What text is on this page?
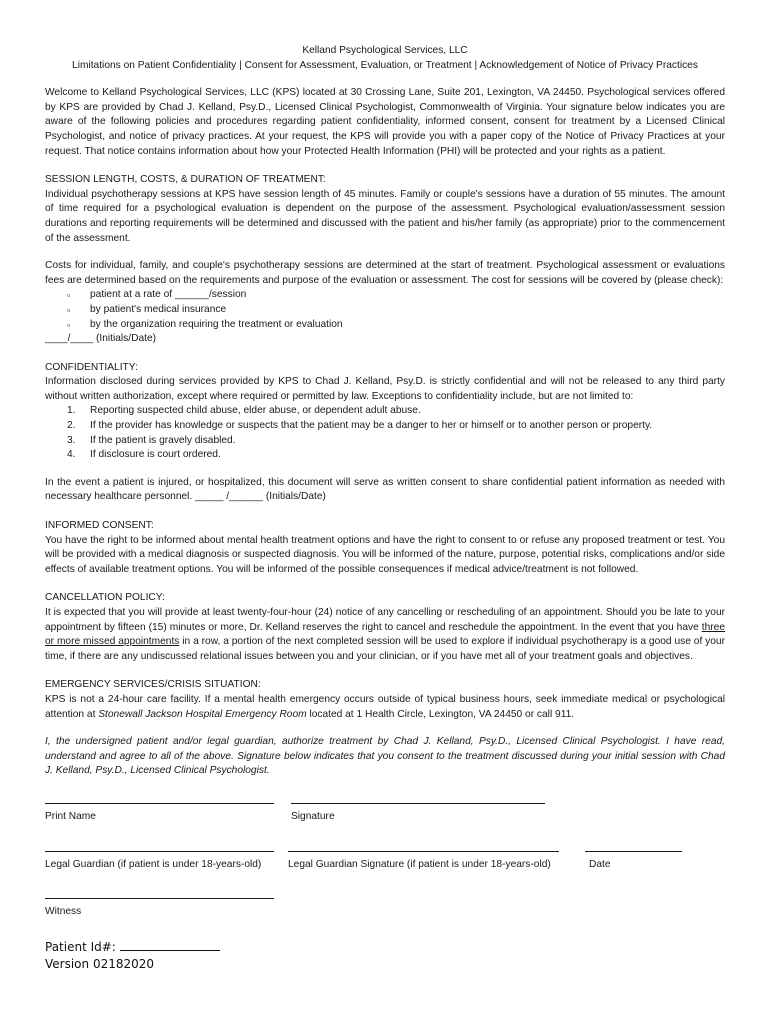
Kelland Psychological Services, LLC
Limitations on Patient Confidentiality | Consent for Assessment, Evaluation, or Treatment | Acknowledgement of Notice of Privacy Practices

Welcome to Kelland Psychological Services, LLC (KPS) located at 30 Crossing Lane, Suite 201, Lexington, VA 24450. Psychological services offered by KPS are provided by Chad J. Kelland, Psy.D., Licensed Clinical Psychologist, Commonwealth of Virginia. Your signature below indicates you are aware of the following policies and procedures regarding patient confidentiality, informed consent, consent for treatment by a Licensed Clinical Psychologist, and notice of privacy practices. At your request, the KPS will provide you with a paper copy of the Notice of Privacy Practices at your request. That notice contains information about how your Protected Health Information (PHI) will be protected and your rights as a patient.

SESSION LENGTH, COSTS, & DURATION OF TREATMENT:

Individual psychotherapy sessions at KPS have session length of 45 minutes. Family or couple's sessions have a duration of 55 minutes. The amount of time required for a psychological evaluation is dependent on the purpose of the assessment. Psychological evaluation/assessment session durations and reporting requirements will be determined and discussed with the patient and his/her family (as appropriate) prior to the commencement of the assessment.

Costs for individual, family, and couple's psychotherapy sessions are determined at the start of treatment. Psychological assessment or evaluations fees are determined based on the requirements and purpose of the evaluation or assessment. The cost for sessions will be covered by (please check):

▫ patient at a rate of ______/session
▫ by patient's medical insurance
▫ by the organization requiring the treatment or evaluation
____/____ (Initials/Date)
CONFIDENTIALITY:

Information disclosed during services provided by KPS to Chad J. Kelland, Psy.D. is strictly confidential and will not be released to any third party without written authorization, except where required or permitted by law. Exceptions to confidentiality include, but are not limited to:

1. Reporting suspected child abuse, elder abuse, or dependent adult abuse.
2. If the provider has knowledge or suspects that the patient may be a danger to her or himself or to another person or property.
3. If the patient is gravely disabled.
4. If disclosure is court ordered.

In the event a patient is injured, or hospitalized, this document will serve as written consent to share confidential patient information as needed with necessary healthcare personnel. _____ /______ (Initials/Date)

INFORMED CONSENT:

You have the right to be informed about mental health treatment options and have the right to consent to or refuse any proposed treatment or test. You will be provided with a medical diagnosis or suspected diagnosis. You will be informed of the nature, purpose, potential risks, complications and/or side effects of available treatment options. You will be informed of the possible consequences if medical advice/treatment is not followed.

CANCELLATION POLICY:

It is expected that you will provide at least twenty-four-hour (24) notice of any cancelling or rescheduling of an appointment. Should you be late to your appointment by fifteen (15) minutes or more, Dr. Kelland reserves the right to cancel and reschedule the appointment. In the event that you have three or more missed appointments in a row, a portion of the next completed session will be used to explore if individual psychotherapy is a good use of your time, if there are any undiscussed relational issues between you and your clinician, or if you have met all of your treatment goals and objectives.

EMERGENCY SERVICES/CRISIS SITUATION:

KPS is not a 24-hour care facility. If a mental health emergency occurs outside of typical business hours, seek immediate medical or psychological attention at Stonewall Jackson Hospital Emergency Room located at 1 Health Circle, Lexington, VA 24450 or call 911.

I, the undersigned patient and/or legal guardian, authorize treatment by Chad J. Kelland, Psy.D., Licensed Clinical Psychologist. I have read, understand and agree to all of the above. Signature below indicates that you consent to the treatment discussed during your initial session with Chad J. Kelland, Psy.D., Licensed Clinical Psychologist.

Print Name	Signature
Legal Guardian (if patient is under 18-years-old)	Legal Guardian Signature (if patient is under 18-years-old)	Date
Witness
Patient Id#:
Version 02182020
